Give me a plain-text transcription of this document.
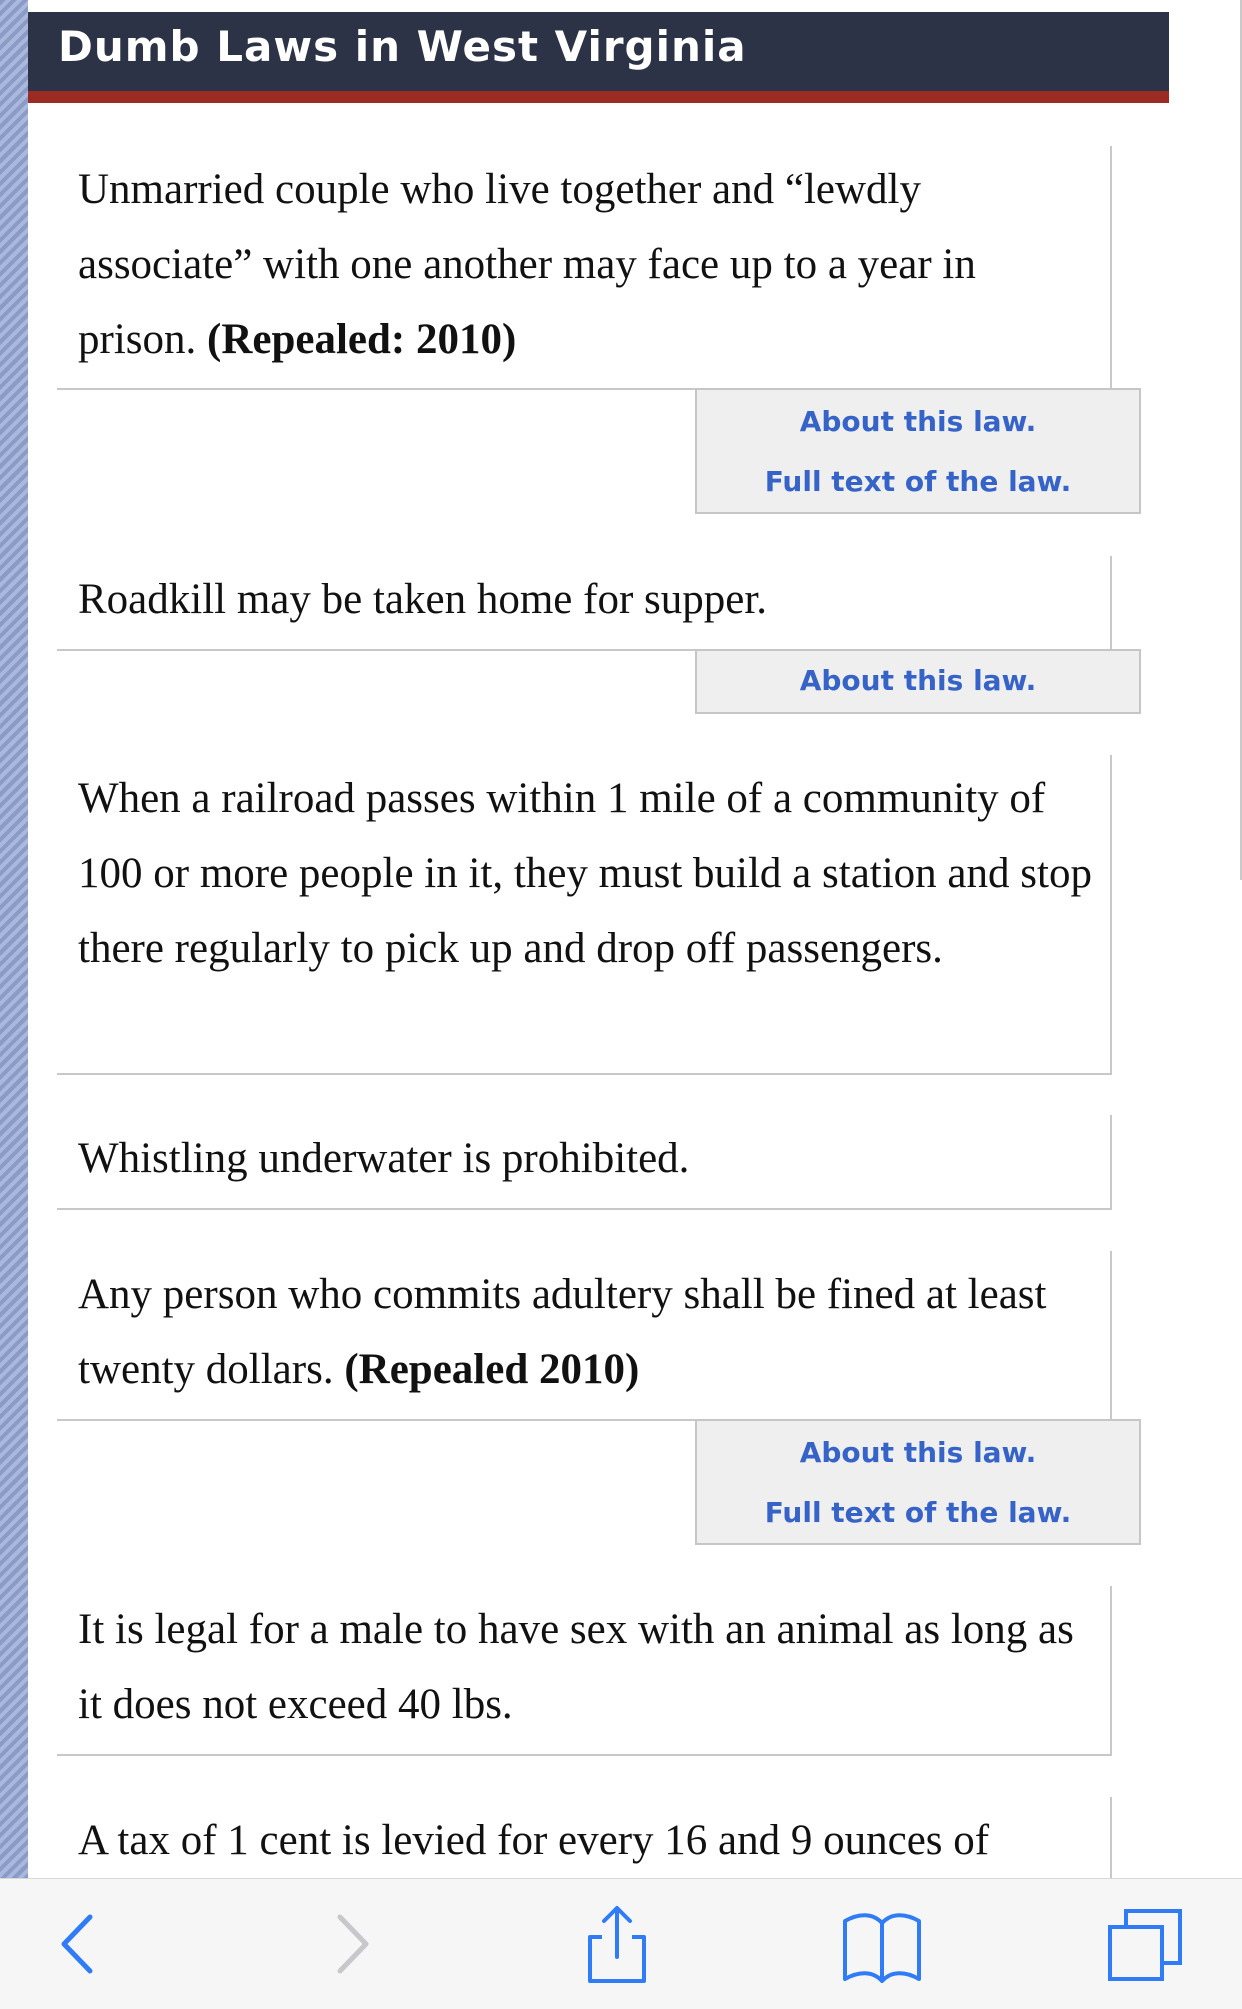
Dumb Laws in West Virginia
Unmarried couple who live together and “lewdly associate” with one another may face up to a year in prison. (Repealed: 2010)
About this law.
Full text of the law.
Roadkill may be taken home for supper.
About this law.
When a railroad passes within 1 mile of a community of 100 or more people in it, they must build a station and stop there regularly to pick up and drop off passengers.
Whistling underwater is prohibited.
Any person who commits adultery shall be fined at least twenty dollars. (Repealed 2010)
About this law.
Full text of the law.
It is legal for a male to have sex with an animal as long as it does not exceed 40 lbs.
A tax of 1 cent is levied for every 16 and 9 ounces of
